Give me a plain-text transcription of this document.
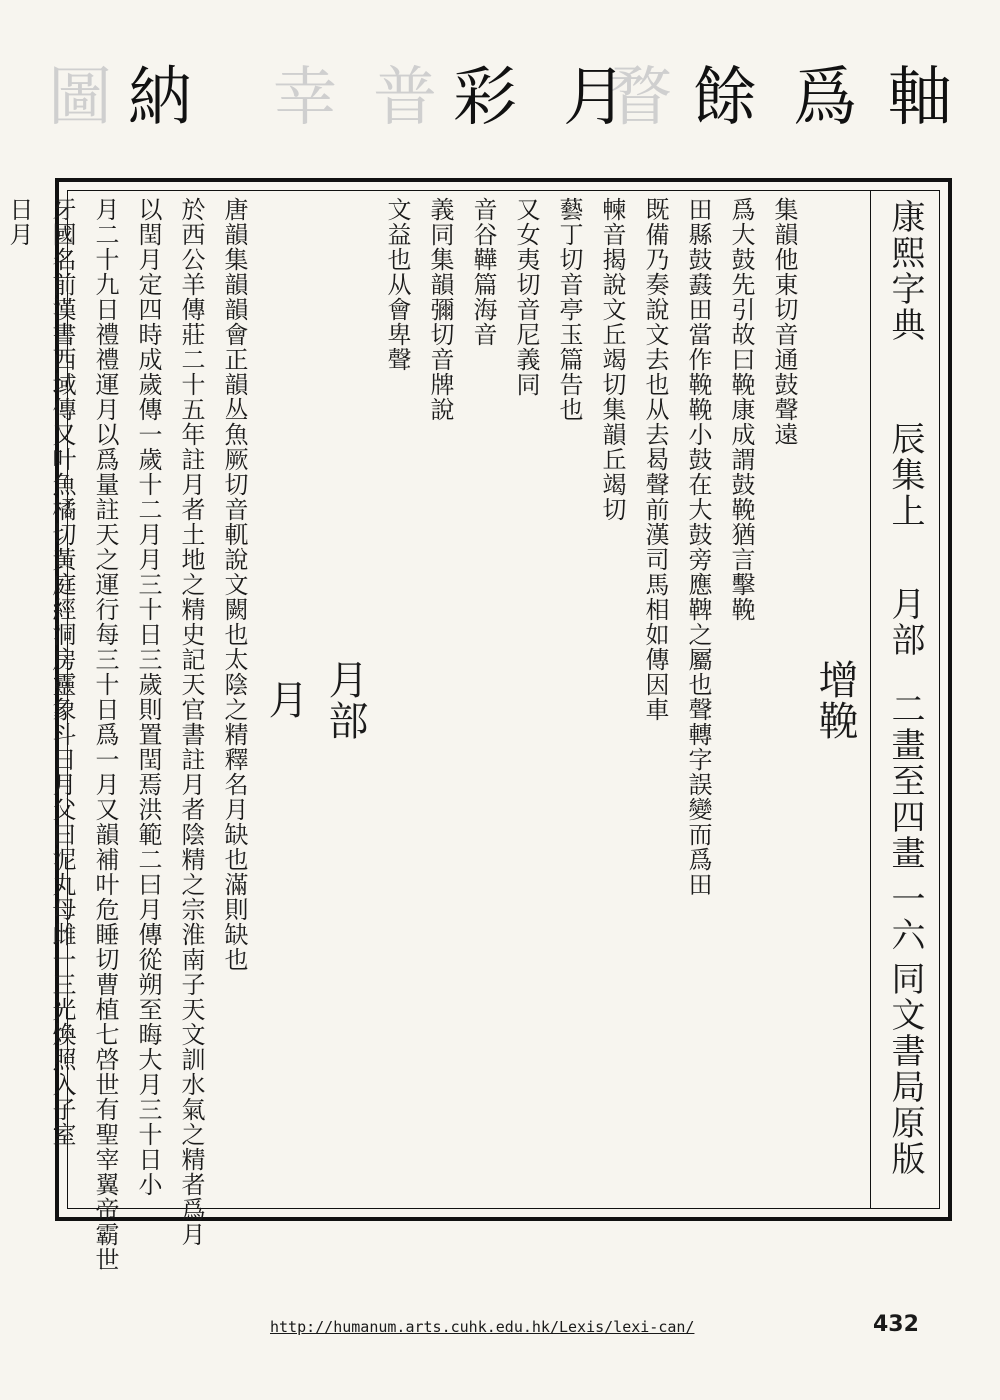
軸
爲
餘
瞀
月
彩
普
幸
納
圖
康熙字典
辰集上
月部
二畫至四畫
一六
同文書局原版
增鞔
集韻他東切音通鼓聲遠
爲大鼓先引故曰鞔康成謂鼓鞔猶言擊鞔
田縣鼓鼖田當作鞔鞔小鼓在大鼓旁應鞞之屬也聲轉字誤變而爲田
既備乃奏說文去也从去曷聲前漢司馬相如傳因車
朄音揭說文丘竭切集韻丘竭切
藝丁切音亭玉篇告也
又女夷切音尼義同
音谷鞾篇海音
義同集韻彌切音牌說
文益也从會卑聲
月部
月
唐韻集韻韻會正韻丛魚厥切音軏說文闕也太陰之精釋名月缺也滿則缺也
於西公羊傳莊二十五年註月者土地之精史記天官書註月者陰精之宗淮南子天文訓水氣之精者爲月
以閏月定四時成歲傳一歲十二月月三十日三歲則置閏焉洪範二曰月傳從朔至晦大月三十日小
月二十九日禮禮運月以爲量註天之運行每三十日爲一月又韻補叶危睡切曹植七啓世有聖宰翼帝霸世
牙國名前漢書西域傳又叶魚橘切黃庭經洞房靈象斗日月父曰泥丸母雌一三光煥照入子室
日月
http://humanum.arts.cuhk.edu.hk/Lexis/lexi-can/	432
